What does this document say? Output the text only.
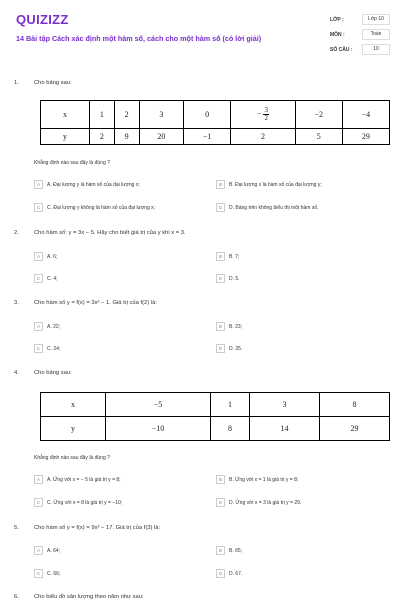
QUIZIZZ
14 Bài tập Cách xác định một hàm số, cách cho một hàm số (có lời giải)
LỚP :	Lớp 10
MÔN :	Toán
SỐ CÂU :	10
1.	Cho bảng sau:
x	1	2	3	0	− $\frac{3}{2}$	−2	−4
y	2	9	20	−1	2	5	29
Khẳng định nào sau đây là đúng ?
A	A. Đại lượng y là hàm số của đại lượng x;	B	B. Đại lượng x là hàm số của đại lượng y;
C	C. Đại lượng y không là hàm số của đại lượng x;	D	D. Bảng trên không biểu thị một hàm số.
2.	Cho hàm số: y = 3x − 5. Hãy cho biết giá trị của y khi x = 3.
A	A. 6;	B	B. 7;
C	C. 4;	D	D. 5.
3.	Cho hàm số y = f(x) = 3x² − 1. Giá trị của f(2) là:
A	A. 22;	B	B. 23;
C	C. 24;	D	D. 25.
4.	Cho bảng sau:
x	−5	1	3	8
y	−10	8	14	29
Khẳng định nào sau đây là đúng ?
A	A. Ứng với x = − 5 là giá trị y = 8;	B	B. Ứng với x = 1 là giá trị y = 8;
C	C. Ứng với x = 8 là giá trị y = −10;	D	D. Ứng với x = 3 là giá trị y = 29.
5.	Cho hàm số y = f(x) = 9x² − 17. Giá trị của f(3) là:
A	A. 64;	B	B. 65;
C	C. 66;	D	D. 67.
6.	Cho biểu đồ sản lượng theo năm như sau:
